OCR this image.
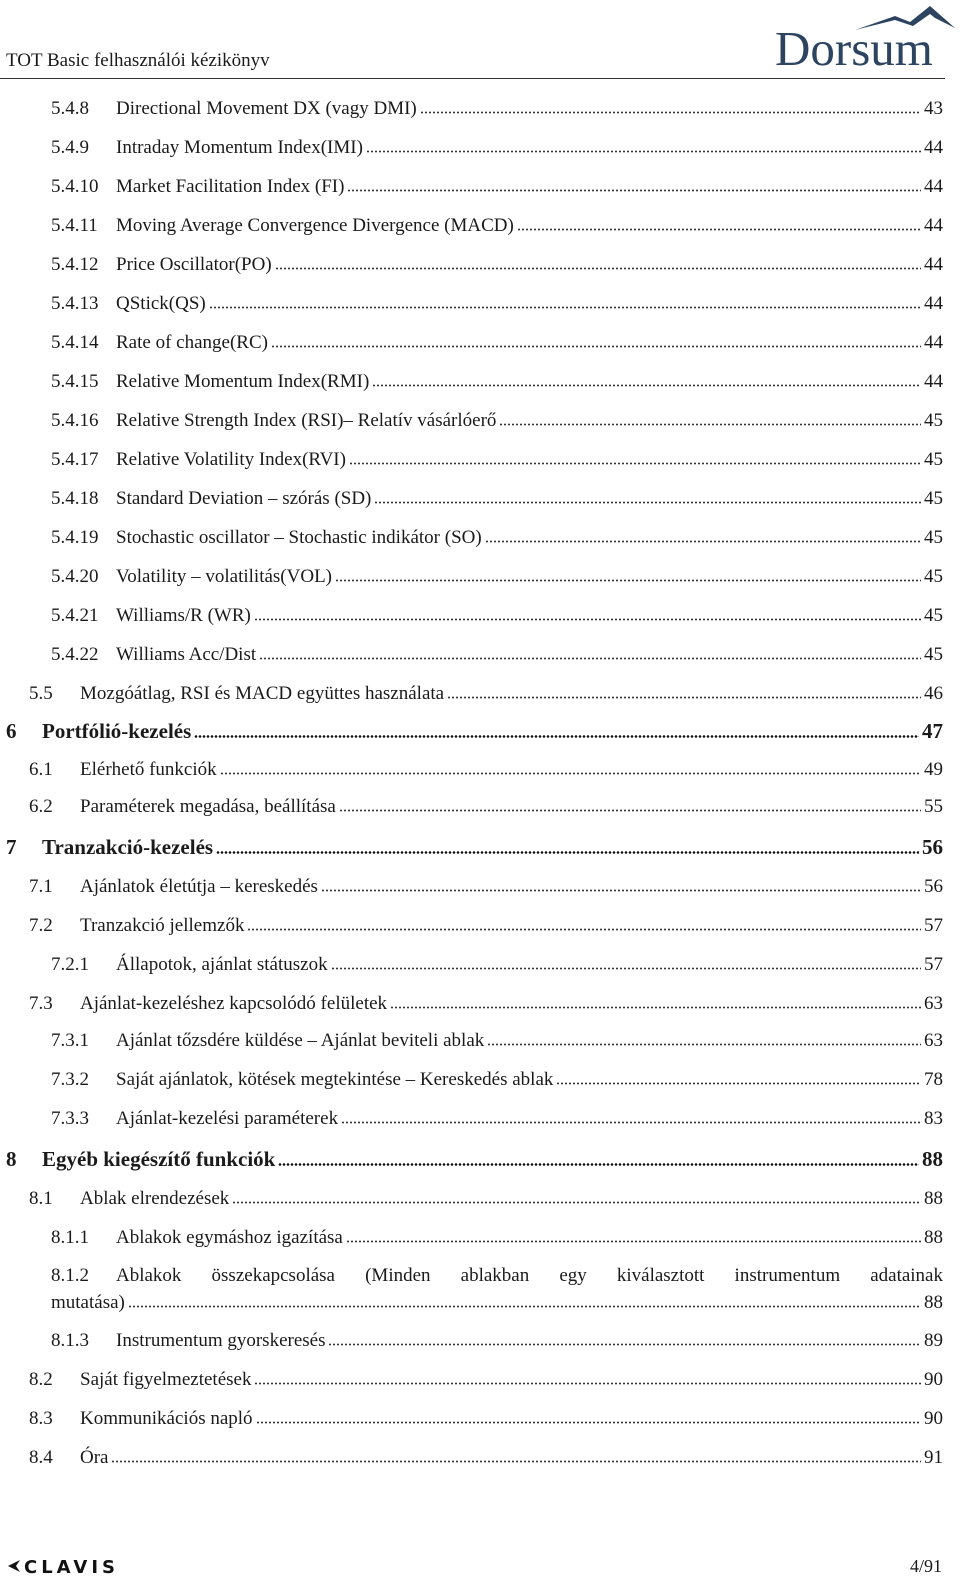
TOT Basic felhasználói kézikönyv	Dorsum
5.4.8	Directional Movement DX (vagy DMI)	43
5.4.9	Intraday Momentum Index(IMI)	44
5.4.10 Market Facilitation Index (FI)	44
5.4.11 Moving Average Convergence Divergence (MACD)	44
5.4.12 Price Oscillator(PO)	44
5.4.13 QStick(QS)	44
5.4.14 Rate of change(RC)	44
5.4.15 Relative Momentum Index(RMI)	44
5.4.16 Relative Strength Index (RSI)– Relatív vásárlóerő	45
5.4.17 Relative Volatility Index(RVI)	45
5.4.18 Standard Deviation – szórás (SD)	45
5.4.19 Stochastic oscillator – Stochastic indikátor (SO)	45
5.4.20 Volatility – volatilitás(VOL)	45
5.4.21 Williams/R (WR)	45
5.4.22 Williams Acc/Dist	45
5.5	Mozgóátlag, RSI és MACD együttes használata	46
6	Portfólió-kezelés	47
6.1	Elérhető funkciók	49
6.2	Paraméterek megadása, beállítása	55
7	Tranzakció-kezelés	56
7.1	Ajánlatok életútja – kereskedés	56
7.2	Tranzakció jellemzők	57
7.2.1	Állapotok, ajánlat státuszok	57
7.3	Ajánlat-kezeléshez kapcsolódó felületek	63
7.3.1	Ajánlat tőzsdére küldése – Ajánlat beviteli ablak	63
7.3.2	Saját ajánlatok, kötések megtekintése – Kereskedés ablak	78
7.3.3	Ajánlat-kezelési paraméterek	83
8	Egyéb kiegészítő funkciók	88
8.1	Ablak elrendezések	88
8.1.1	Ablakok egymáshoz igazítása	88
8.1.2	Ablakok összekapcsolása (Minden ablakban egy kiválasztott instrumentum adatainak
mutatása)	88
8.1.3	Instrumentum gyorskeresés	89
8.2	Saját figyelmeztetések	90
8.3	Kommunikációs napló	90
8.4	Óra	91
CLAVIS	4/91
